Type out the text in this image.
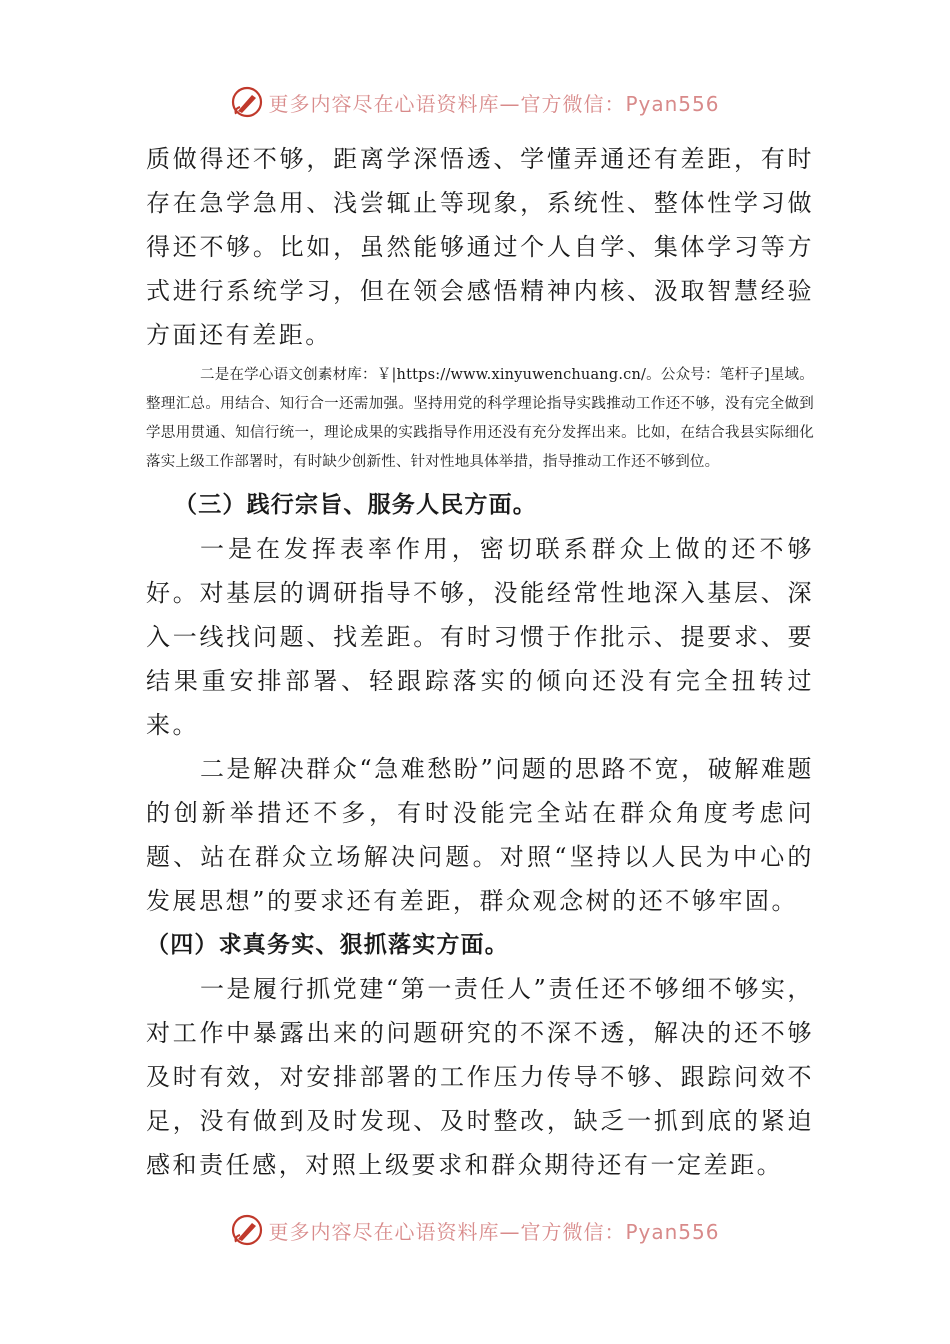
更多内容尽在心语资料库—官方微信：Pyan556

质做得还不够，距离学深悟透、学懂弄通还有差距，有时存在急学急用、浅尝辄止等现象，系统性、整体性学习做得还不够。比如，虽然能够通过个人自学、集体学习等方式进行系统学习，但在领会感悟精神内核、汲取智慧经验方面还有差距。

二是在学心语文创素材库：￥|https://www.xinyuwenchuang.cn/。公众号：笔杆子]星域。整理汇总。用结合、知行合一还需加强。坚持用党的科学理论指导实践推动工作还不够，没有完全做到学思用贯通、知信行统一，理论成果的实践指导作用还没有充分发挥出来。比如，在结合我县实际细化落实上级工作部署时，有时缺少创新性、针对性地具体举措，指导推动工作还不够到位。

（三）践行宗旨、服务人民方面。

一是在发挥表率作用，密切联系群众上做的还不够好。对基层的调研指导不够，没能经常性地深入基层、深入一线找问题、找差距。有时习惯于作批示、提要求、要结果重安排部署、轻跟踪落实的倾向还没有完全扭转过来。

二是解决群众“急难愁盼”问题的思路不宽，破解难题的创新举措还不多，有时没能完全站在群众角度考虑问题、站在群众立场解决问题。对照“坚持以人民为中心的发展思想”的要求还有差距，群众观念树的还不够牢固。

（四）求真务实、狠抓落实方面。

一是履行抓党建“第一责任人”责任还不够细不够实，对工作中暴露出来的问题研究的不深不透，解决的还不够及时有效，对安排部署的工作压力传导不够、跟踪问效不足，没有做到及时发现、及时整改，缺乏一抓到底的紧迫感和责任感，对照上级要求和群众期待还有一定差距。

更多内容尽在心语资料库—官方微信：Pyan556
